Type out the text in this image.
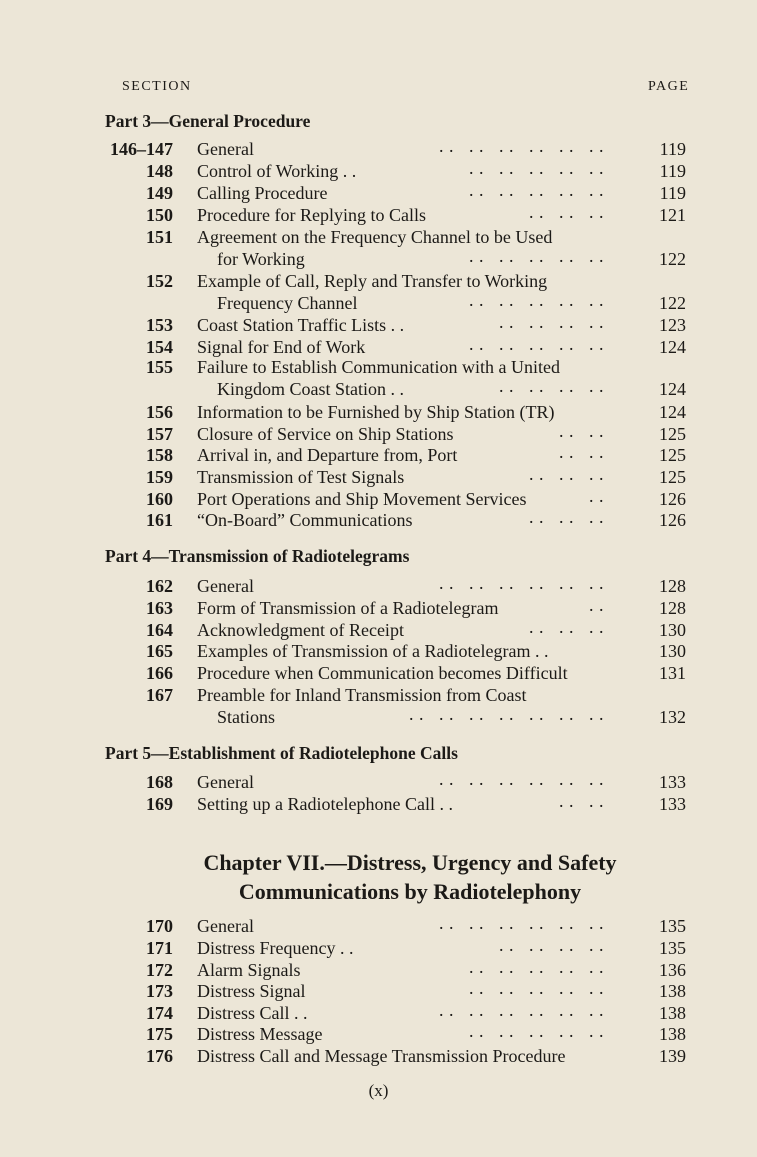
SECTION	PAGE
Part 3—General Procedure
146–147 General	. .   . .   . .   . .   . .   . .	119
148 Control of Working . .	. .   . .   . .   . .   . .	119
149 Calling Procedure	. .   . .   . .   . .   . .	119
150 Procedure for Replying to Calls	. .   . .   . .	121
151 Agreement on the Frequency Channel to be Used
for Working	. .   . .   . .   . .   . .	122
152 Example of Call, Reply and Transfer to Working
Frequency Channel	. .   . .   . .   . .   . .	122
153 Coast Station Traffic Lists . .	. .   . .   . .   . .	123
154 Signal for End of Work	. .   . .   . .   . .   . .	124
155 Failure to Establish Communication with a United
Kingdom Coast Station . .	. .   . .   . .   . .	124
156 Information to be Furnished by Ship Station (TR)	124
157 Closure of Service on Ship Stations	. .   . .	125
158 Arrival in, and Departure from, Port	. .   . .	125
159 Transmission of Test Signals	. .   . .   . .	125
160 Port Operations and Ship Movement Services	. .	126
161 “On-Board” Communications	. .   . .   . .	126
Part 4—Transmission of Radiotelegrams
162 General	. .   . .   . .   . .   . .   . .	128
163 Form of Transmission of a Radiotelegram	. .	128
164 Acknowledgment of Receipt	. .   . .   . .	130
165 Examples of Transmission of a Radiotelegram . .	130
166 Procedure when Communication becomes Difficult	131
167 Preamble for Inland Transmission from Coast
Stations	. .   . .   . .   . .   . .   . .   . .	132
Part 5—Establishment of Radiotelephone Calls
168 General	. .   . .   . .   . .   . .   . .	133
169 Setting up a Radiotelephone Call . .	. .   . .	133
Chapter VII.—Distress, Urgency and Safety
Communications by Radiotelephony
170 General	. .   . .   . .   . .   . .   . .	135
171 Distress Frequency . .	. .   . .   . .   . .	135
172 Alarm Signals	. .   . .   . .   . .   . .	136
173 Distress Signal	. .   . .   . .   . .   . .	138
174 Distress Call . .	. .   . .   . .   . .   . .   . .	138
175 Distress Message	. .   . .   . .   . .   . .	138
176 Distress Call and Message Transmission Procedure	139
(x)
